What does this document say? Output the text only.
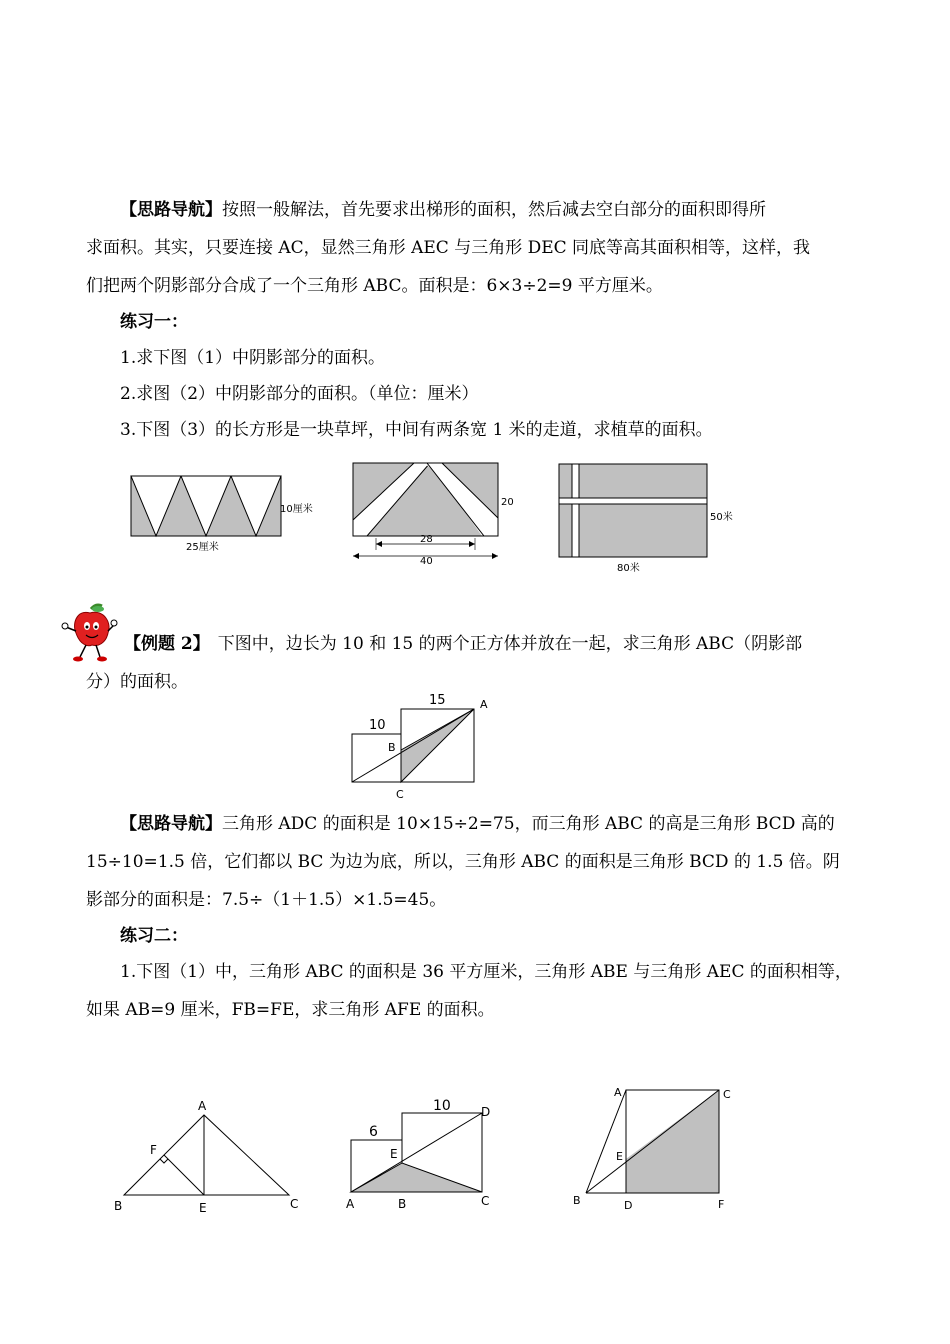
【思路导航】按照一般解法，首先要求出梯形的面积，然后减去空白部分的面积即得所
求面积。其实，只要连接 AC，显然三角形 AEC 与三角形 DEC 同底等高其面积相等，这样，我
们把两个阴影部分合成了一个三角形 ABC。面积是：6×3÷2=9 平方厘米。
练习一：
1.求下图（1）中阴影部分的面积。
2.求图（2）中阴影部分的面积。（单位：厘米）
3.下图（3）的长方形是一块草坪，中间有两条宽 1 米的走道，求植草的面积。
10厘米
25厘米
20
28
40
50米
80米
【例题 2】 下图中，边长为 10 和 15 的两个正方体并放在一起，求三角形 ABC（阴影部
分）的面积。
10
15	A
B
C
【思路导航】三角形 ADC 的面积是 10×15÷2=75，而三角形 ABC 的高是三角形 BCD 高的
15÷10=1.5 倍，它们都以 BC 为边为底，所以，三角形 ABC 的面积是三角形 BCD 的 1.5 倍。阴
影部分的面积是：7.5÷（1＋1.5）×1.5=45。
练习二：
1.下图（1）中，三角形 ABC 的面积是 36 平方厘米，三角形 ABE 与三角形 AEC 的面积相等，
如果 AB=9 厘米，FB=FE，求三角形 AFE 的面积。
A
B	C
E
F
6
10
A	B	C
D
E
A
B
C
D
E
F
